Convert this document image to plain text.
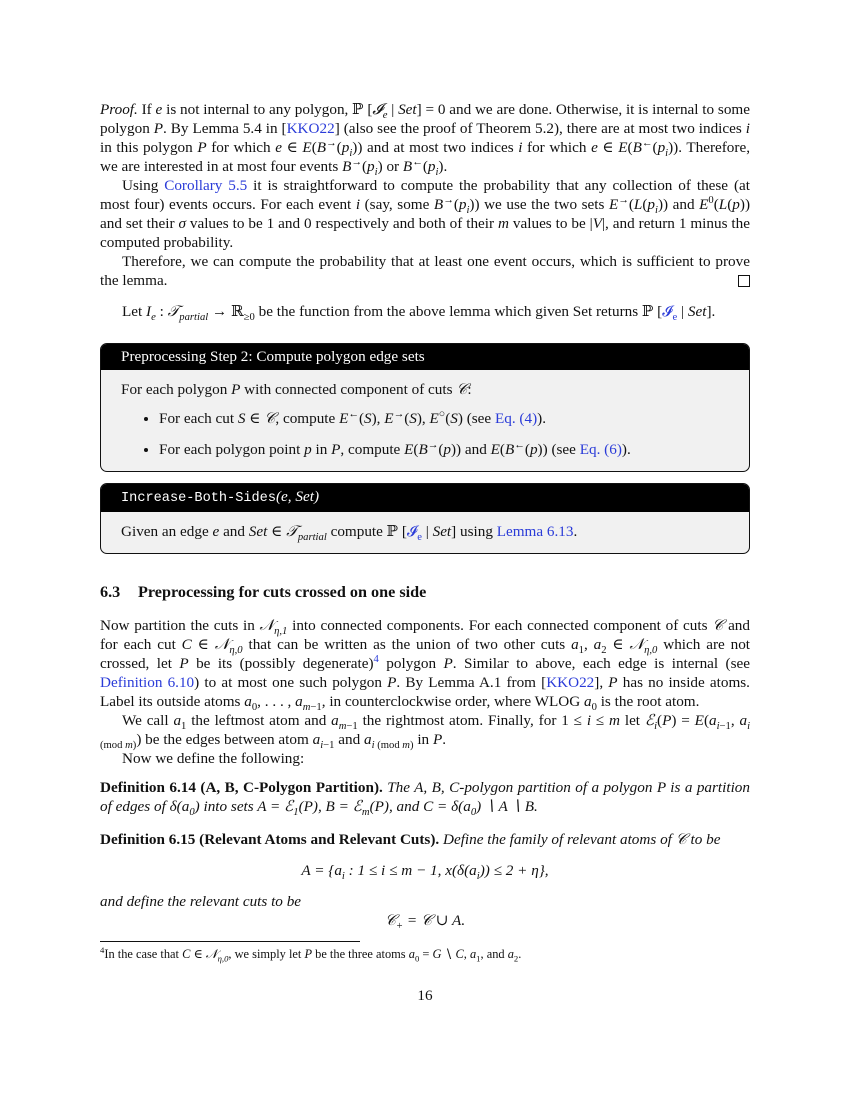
Proof. If e is not internal to any polygon, ℙ [𝓘$_e$ | Set] = 0 and we are done. Otherwise, it is internal to some polygon P. By Lemma 5.4 in [KKO22] (also see the proof of Theorem 5.2), there are at most two indices i in this polygon P for which e ∈ $E(B^\to(p_i))$ and at most two indices i for which e ∈ $E(B^\leftarrow(p_i))$. Therefore, we are interested in at most four events $B^\to(p_i)$ or $B^\leftarrow(p_i)$.

Using Corollary 5.5 it is straightforward to compute the probability that any collection of these (at most four) events occurs. For each event i (say, some $B^\to(p_i)$) we use the two sets $E^\to(L(p_i))$ and $E^0(L(p))$ and set their σ values to be 1 and 0 respectively and both of their m values to be |V|, and return 1 minus the computed probability.

Therefore, we can compute the probability that at least one event occurs, which is sufficient to prove the lemma.

Let $I_e$ : 𝒯$_{partial}$ → ℝ$_{\ge 0}$ be the function from the above lemma which given Set returns ℙ [𝓘$_e$ | Set].

Preprocessing Step 2: Compute polygon edge sets
For each polygon P with connected component of cuts 𝒞:
• For each cut S ∈ 𝒞, compute E←(S), E→(S), E○(S) (see Eq. (4)).
• For each polygon point p in P, compute E(B→(p)) and E(B←(p)) (see Eq. (6)).
Increase-Both-Sides(e, Set)
Given an edge e and Set ∈ 𝒯$_{partial}$ compute ℙ [𝓘$_e$ | Set] using Lemma 6.13.
6.3 Preprocessing for cuts crossed on one side

Now partition the cuts in 𝒩$_{\eta,1}$ into connected components. For each connected component of cuts 𝒞 and for each cut C ∈ 𝒩$_{\eta,0}$ that can be written as the union of two other cuts $a_1$, $a_2$ ∈ 𝒩$_{\eta,0}$ which are not crossed, let P be its (possibly degenerate)$^4$ polygon P. Similar to above, each edge is internal (see Definition 6.10) to at most one such polygon P. By Lemma A.1 from [KKO22], P has no inside atoms. Label its outside atoms $a_0$, . . . , $a_{m-1}$, in counterclockwise order, where WLOG $a_0$ is the root atom.

We call $a_1$ the leftmost atom and $a_{m-1}$ the rightmost atom. Finally, for 1 ≤ i ≤ m let ℰ$_i$(P) = $E(a_{i-1}$, $a_{i (mod m)}$) be the edges between atom $a_{i-1}$ and $a_{i (mod m)}$ in P.

Now we define the following:

Definition 6.14 (A, B, C-Polygon Partition). The A, B, C-polygon partition of a polygon P is a partition of edges of $\delta(a_0)$ into sets A = ℰ$_1$(P), B = ℰ$_m$(P), and $C = \delta(a_0)$ ∖ A ∖ B.

Definition 6.15 (Relevant Atoms and Relevant Cuts). Define the family of relevant atoms of 𝒞 to be

$A = \{a_i$ : 1 ≤ i ≤ m − 1, $x(\delta(a_i)) \le 2 + \eta$},

and define the relevant cuts to be

𝒞$_+$ = 𝒞 ∪ A.

$^4$In the case that C ∈ 𝒩$_{\eta,0}$, we simply let P be the three atoms $a_0 = G$ ∖ C, $a_1$, and $a_2$.
16
